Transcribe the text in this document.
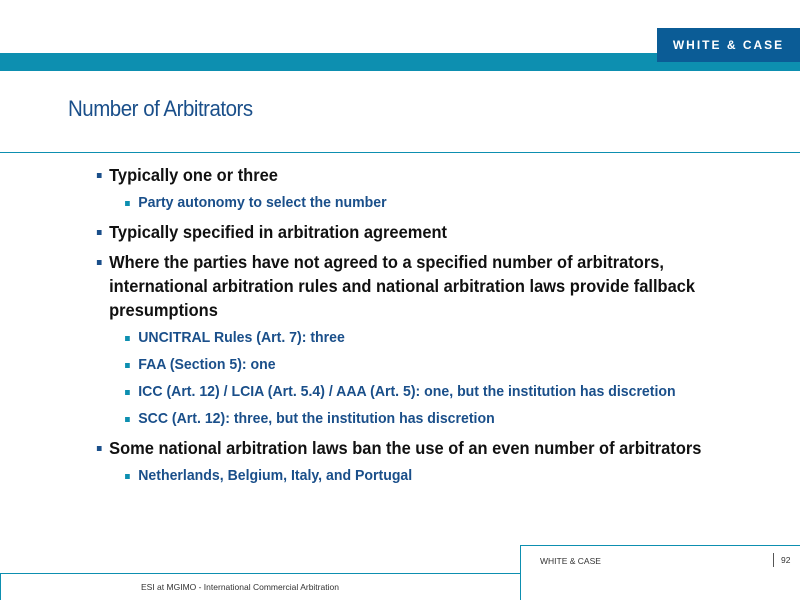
WHITE & CASE
Number of Arbitrators
Typically one or three
Party autonomy to select the number
Typically specified in arbitration agreement
Where the parties have not agreed to a specified number of arbitrators, international arbitration rules and national arbitration laws provide fallback presumptions
UNCITRAL Rules (Art. 7): three
FAA (Section 5): one
ICC (Art. 12) / LCIA (Art. 5.4) / AAA (Art. 5): one, but the institution has discretion
SCC (Art. 12): three, but the institution has discretion
Some national arbitration laws ban the use of an even number of arbitrators
Netherlands, Belgium, Italy, and Portugal
WHITE & CASE	92
ESI at MGIMO - International Commercial Arbitration
